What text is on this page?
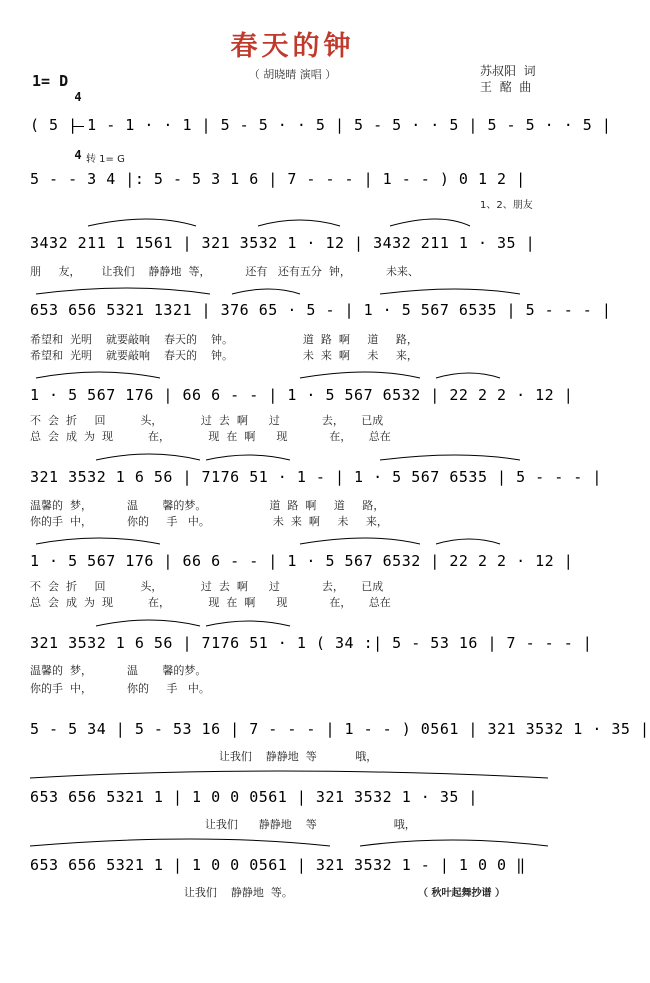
春天的钟
（ 胡晓晴 演唱 ）	苏叔阳  词
王  酩  曲
1= D

4

4

( 5 | 1 - 1 · · 1 | 5 - 5 · · 5 | 5 - 5 · · 5 | 5 - 5 · · 5 |
转 1= G
5 - - 3 4 |: 5 - 5 3 1 6 | 7 - - - | 1 - - ) 0 1 2 |
1、2、朋友
3432 211 1 1561 | 321 3532 1 · 12 | 3432 211 1 · 35 |
朋     友，      让我们    静静地  等，          还有   还有五分  钟，          未来、
653 656 5321 1321 | 376 65 · 5 - | 1 · 5 567 6535 | 5 - - - |
希望和  光明    就要敲响    春天的    钟。                    道  路  啊     道     路，
希望和  光明    就要敲响    春天的    钟。                    未  来  啊     未     来，
1 · 5 567 176 | 66 6 - - | 1 · 5 567 6532 | 22 2 2 · 12 |
不  会  折     回          头，           过  去  啊      过            去，     已成
总  会  成  为  现          在，           现  在  啊      现            在，     总在
321 3532 1 6 56 | 7176 51 · 1 - | 1 · 5 567 6535 | 5 - - - |
温馨的  梦，          温       馨的梦。                  道  路  啊     道     路，
你的手  中，          你的     手   中。                  未  来  啊     未     来，
1 · 5 567 176 | 66 6 - - | 1 · 5 567 6532 | 22 2 2 · 12 |
不  会  折     回          头，           过  去  啊      过            去，     已成
总  会  成  为  现          在，           现  在  啊      现            在，     总在
321 3532 1 6 56 | 7176 51 · 1 ( 34 :| 5 - 53 16 | 7 - - - |
温馨的  梦，          温       馨的梦。
你的手  中，          你的     手   中。
5 - 5 34 | 5 - 53 16 | 7 - - - | 1 - - ) 0561 | 321 3532 1 · 35 |
让我们    静静地  等           哦，
653 656 5321 1 | 1 0 0 0561 | 321 3532 1 · 35 |
让我们      静静地    等                      哦，
653 656 5321 1 | 1 0 0 0561 | 321 3532 1 - | 1 0 0 ‖
让我们    静静地  等。	（ 秋叶起舞抄谱 ）
